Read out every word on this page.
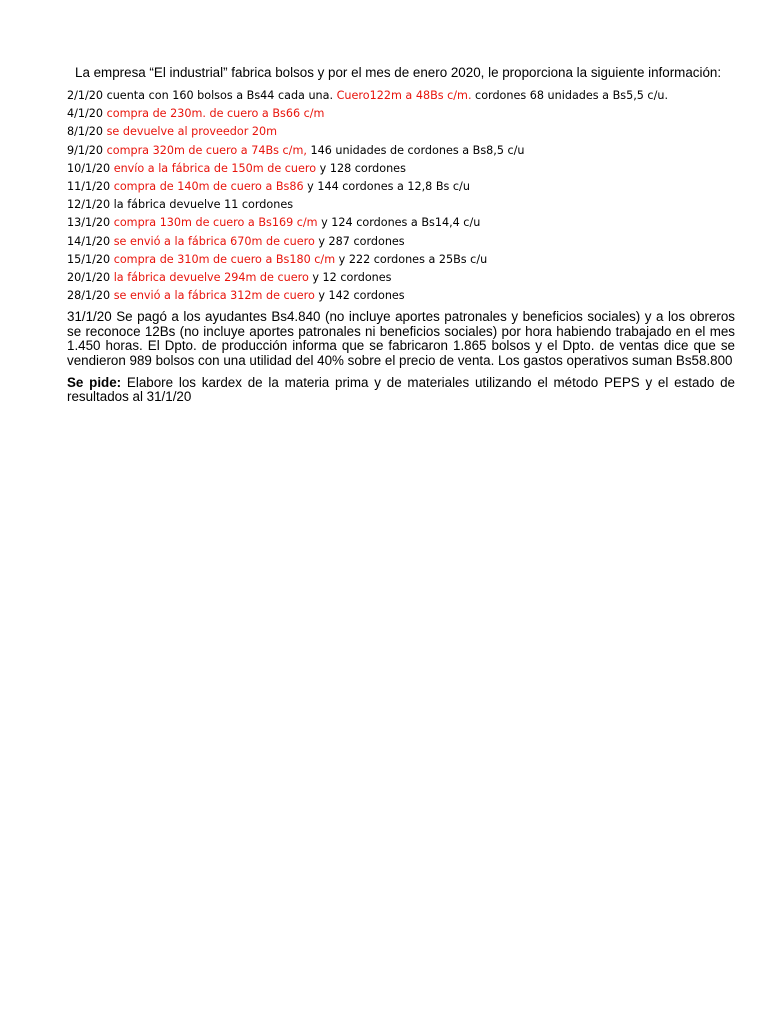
La empresa “El industrial” fabrica bolsos y por el mes de enero 2020, le proporciona la siguiente información:

2/1/20 cuenta con 160 bolsos a Bs44 cada una. Cuero122m a 48Bs c/m. cordones 68 unidades a Bs5,5 c/u.
4/1/20 compra de 230m. de cuero a Bs66 c/m
8/1/20 se devuelve al proveedor 20m
9/1/20 compra 320m de cuero a 74Bs c/m, 146 unidades de cordones a Bs8,5 c/u
10/1/20 envío a la fábrica de 150m de cuero y 128 cordones
11/1/20 compra de 140m de cuero a Bs86 y 144 cordones a 12,8 Bs c/u
12/1/20 la fábrica devuelve 11 cordones
13/1/20 compra 130m de cuero a Bs169 c/m y 124 cordones a Bs14,4 c/u
14/1/20 se envió a la fábrica 670m de cuero y 287 cordones
15/1/20 compra de 310m de cuero a Bs180 c/m y 222 cordones a 25Bs c/u
20/1/20 la fábrica devuelve 294m de cuero y 12 cordones
28/1/20 se envió a la fábrica 312m de cuero y 142 cordones

31/1/20 Se pagó a los ayudantes Bs4.840 (no incluye aportes patronales y beneficios sociales) y a los obreros se reconoce 12Bs (no incluye aportes patronales ni beneficios sociales) por hora habiendo trabajado en el mes 1.450 horas. El Dpto. de producción informa que se fabricaron 1.865 bolsos y el Dpto. de ventas dice que se vendieron 989 bolsos con una utilidad del 40% sobre el precio de venta. Los gastos operativos suman Bs58.800

Se pide: Elabore los kardex de la materia prima y de materiales utilizando el método PEPS y el estado de resultados al 31/1/20
